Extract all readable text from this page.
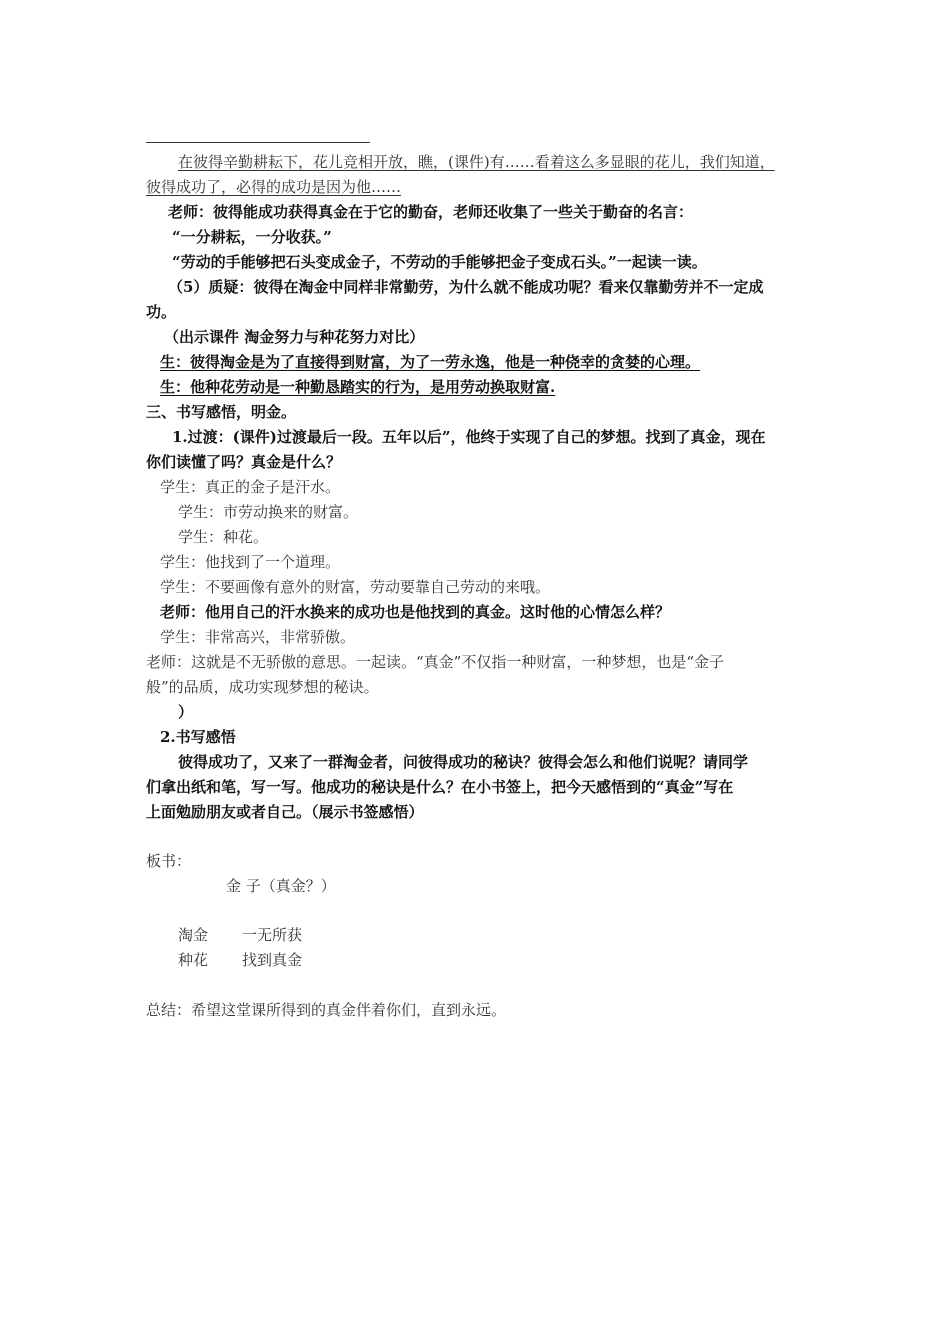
在彼得辛勤耕耘下，花儿竞相开放，瞧，(课件)有……看着这么多显眼的花儿，我们知道，
彼得成功了，必得的成功是因为他……
老师：彼得能成功获得真金在于它的勤奋，老师还收集了一些关于勤奋的名言：
“一分耕耘，一分收获。”
“劳动的手能够把石头变成金子，不劳动的手能够把金子变成石头。”一起读一读。
（5）质疑：彼得在淘金中同样非常勤劳，为什么就不能成功呢？看来仅靠勤劳并不一定成
功。
（出示课件 淘金努力与种花努力对比）
生：彼得淘金是为了直接得到财富，为了一劳永逸，他是一种侥幸的贪婪的心理。
生：他种花劳动是一种勤恳踏实的行为，是用劳动换取财富.
三、书写感悟，明金。
1.过渡：(课件)过渡最后一段。五年以后”，他终于实现了自己的梦想。找到了真金，现在
你们读懂了吗？真金是什么？
学生：真正的金子是汗水。
学生：市劳动换来的财富。
学生：种花。
学生：他找到了一个道理。
学生：不要画像有意外的财富，劳动要靠自己劳动的来哦。
老师：他用自己的汗水换来的成功也是他找到的真金。这时他的心情怎么样？
学生：非常高兴，非常骄傲。
老师：这就是不无骄傲的意思。一起读。“真金”不仅指一种财富，一种梦想，也是“金子
般”的品质，成功实现梦想的秘诀。
）
2.书写感悟
彼得成功了，又来了一群淘金者，问彼得成功的秘诀？彼得会怎么和他们说呢？请同学
们拿出纸和笔，写一写。他成功的秘诀是什么？在小书签上，把今天感悟到的“真金”写在
上面勉励朋友或者自己。（展示书签感悟）
板书：
金 子（真金？）
淘金 一无所获
种花 找到真金
总结：希望这堂课所得到的真金伴着你们，直到永远。
